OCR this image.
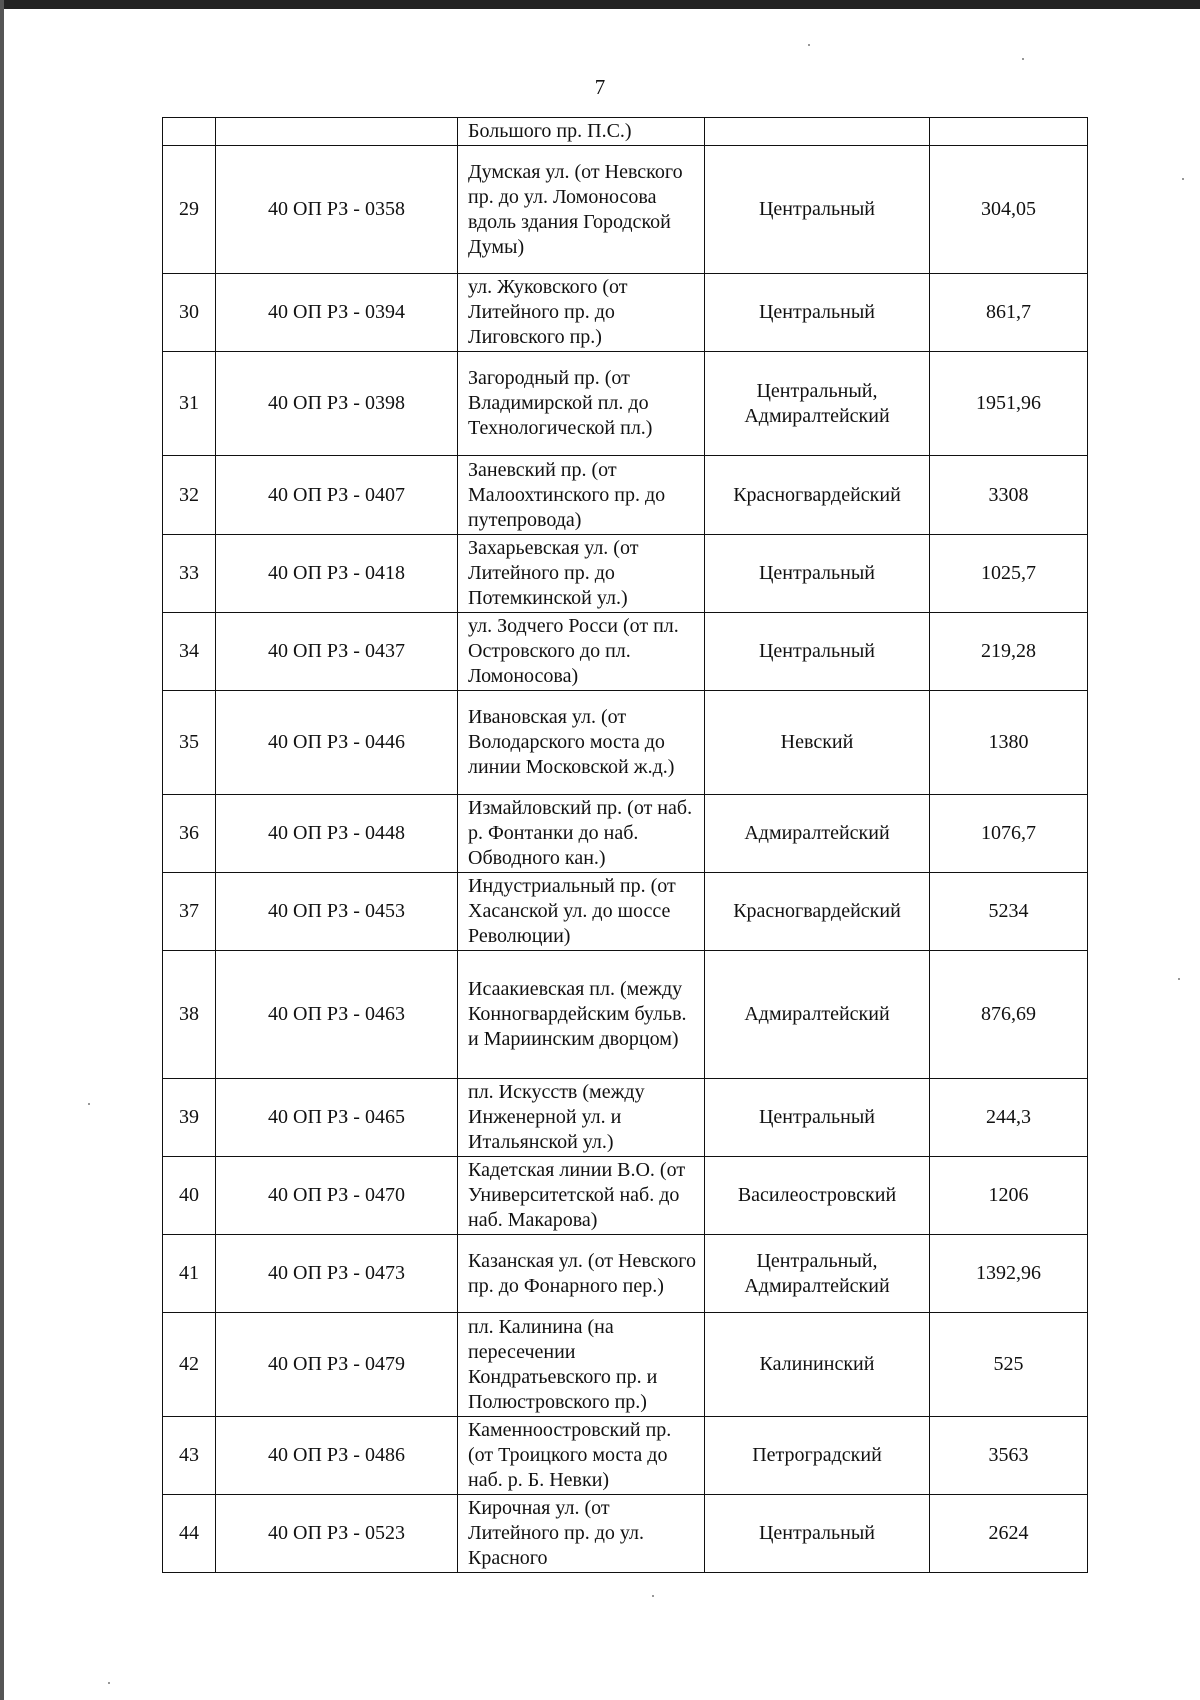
7
		Большого пр. П.С.)		
29	40 ОП РЗ - 0358	Думская ул. (от Невского пр. до ул. Ломоносова вдоль здания Городской Думы)	Центральный	304,05
30	40 ОП РЗ - 0394	ул. Жуковского (от Литейного пр. до Лиговского пр.)	Центральный	861,7
31	40 ОП РЗ - 0398	Загородный пр. (от Владимирской пл. до Технологической пл.)	Центральный, Адмиралтейский	1951,96
32	40 ОП РЗ - 0407	Заневский пр. (от Малоохтинского пр. до путепровода)	Красногвардейский	3308
33	40 ОП РЗ - 0418	Захарьевская ул. (от Литейного пр. до Потемкинской ул.)	Центральный	1025,7
34	40 ОП РЗ - 0437	ул. Зодчего Росси (от пл. Островского до пл. Ломоносова)	Центральный	219,28
35	40 ОП РЗ - 0446	Ивановская ул. (от Володарского моста до линии Московской ж.д.)	Невский	1380
36	40 ОП РЗ - 0448	Измайловский пр. (от наб. р. Фонтанки до наб. Обводного кан.)	Адмиралтейский	1076,7
37	40 ОП РЗ - 0453	Индустриальный пр. (от Хасанской ул. до шоссе Революции)	Красногвардейский	5234
38	40 ОП РЗ - 0463	Исаакиевская пл. (между Конногвардейским бульв. и Мариинским дворцом)	Адмиралтейский	876,69
39	40 ОП РЗ - 0465	пл. Искусств (между Инженерной ул. и Итальянской ул.)	Центральный	244,3
40	40 ОП РЗ - 0470	Кадетская линии В.О. (от Университетской наб. до наб. Макарова)	Василеостровский	1206
41	40 ОП РЗ - 0473	Казанская ул. (от Невского пр. до Фонарного пер.)	Центральный, Адмиралтейский	1392,96
42	40 ОП РЗ - 0479	пл. Калинина (на пересечении Кондратьевского пр. и Полюстровского пр.)	Калининский	525
43	40 ОП РЗ - 0486	Каменноостровский пр. (от Троицкого моста до наб. р. Б. Невки)	Петроградский	3563
44	40 ОП РЗ - 0523	Кирочная ул. (от Литейного пр. до ул. Красного	Центральный	2624
